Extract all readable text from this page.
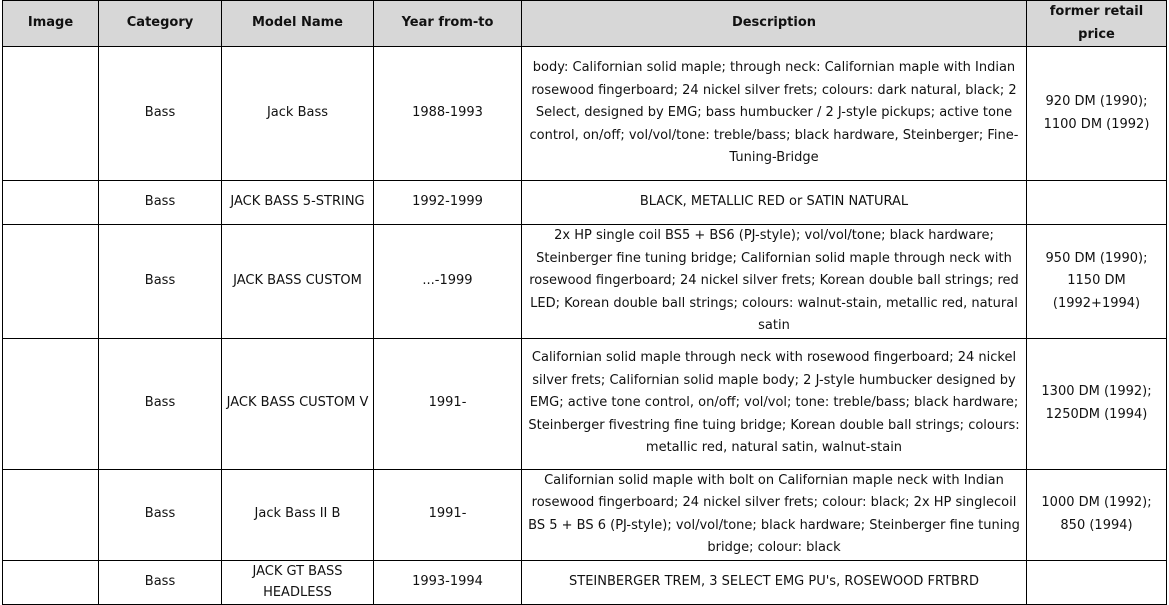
Image	Category	Model Name	Year from-to	Description	former retail price
	Bass	Jack Bass	1988-1993	body: Californian solid maple; through neck: Californian maple with Indian rosewood fingerboard; 24 nickel silver frets; colours: dark natural, black; 2 Select, designed by EMG; bass humbucker / 2 J-style pickups; active tone control, on/off; vol/vol/tone: treble/bass; black hardware, Steinberger; Fine-Tuning-Bridge	920 DM (1990); 1100 DM (1992)
	Bass	JACK BASS 5-STRING	1992-1999	BLACK, METALLIC RED or SATIN NATURAL	
	Bass	JACK BASS CUSTOM	...-1999	2x HP single coil BS5 + BS6 (PJ-style); vol/vol/tone; black hardware; Steinberger fine tuning bridge; Californian solid maple through neck with rosewood fingerboard; 24 nickel silver frets; Korean double ball strings; red LED; Korean double ball strings; colours: walnut-stain, metallic red, natural satin	950 DM (1990); 1150 DM (1992+1994)
	Bass	JACK BASS CUSTOM V	1991-	Californian solid maple through neck with rosewood fingerboard; 24 nickel silver frets; Californian solid maple body; 2 J-style humbucker designed by EMG; active tone control, on/off; vol/vol; tone: treble/bass; black hardware; Steinberger fivestring fine tuing bridge; Korean double ball strings; colours: metallic red, natural satin, walnut-stain	1300 DM (1992); 1250DM (1994)
	Bass	Jack Bass II B	1991-	Californian solid maple with bolt on Californian maple neck with Indian rosewood fingerboard; 24 nickel silver frets; colour: black; 2x HP singlecoil BS 5 + BS 6 (PJ-style); vol/vol/tone; black hardware; Steinberger fine tuning bridge; colour: black	1000 DM (1992); 850 (1994)
	Bass	JACK GT BASS HEADLESS	1993-1994	STEINBERGER TREM, 3 SELECT EMG PU's, ROSEWOOD FRTBRD	
